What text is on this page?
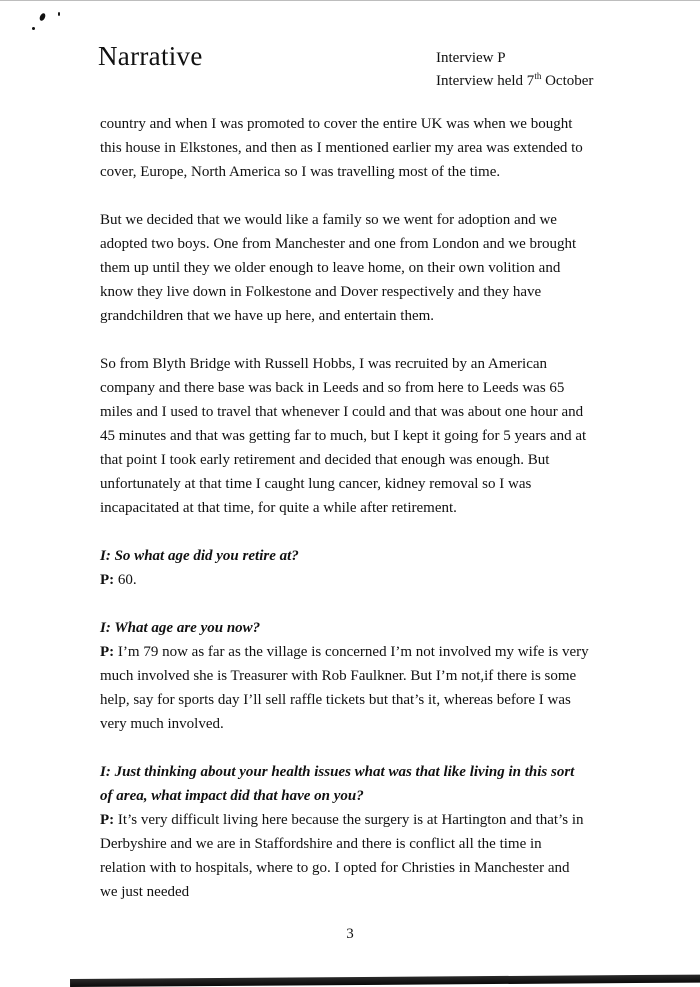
Narrative	Interview P
Interview held 7th October

country and when I was promoted to cover the entire UK was when we bought this house in Elkstones, and then as I mentioned earlier my area was extended to cover, Europe, North America so I was travelling most of the time.

But we decided that we would like a family so we went for adoption and we adopted two boys. One from Manchester and one from London and we brought them up until they we older enough to leave home, on their own volition and know they live down in Folkestone and Dover respectively and they have grandchildren that we have up here, and entertain them.

So from Blyth Bridge with Russell Hobbs, I was recruited by an American company and there base was back in Leeds and so from here to Leeds was 65 miles and I used to travel that whenever I could and that was about one hour and 45 minutes and that was getting far to much, but I kept it going for 5 years and at that point I took early retirement and decided that enough was enough. But unfortunately at that time I caught lung cancer, kidney removal so I was incapacitated at that time, for quite a while after retirement.

I: So what age did you retire at?
P: 60.
I: What age are you now?
P: I’m 79 now as far as the village is concerned I’m not involved my wife is very much involved she is Treasurer with Rob Faulkner. But I’m not,if there is some help, say for sports day I’ll sell raffle tickets but that’s it, whereas before I was very much involved.
I: Just thinking about your health issues what was that like living in this sort of area, what impact did that have on you?
P: It’s very difficult living here because the surgery is at Hartington and that’s in Derbyshire and we are in Staffordshire and there is conflict all the time in relation with to hospitals, where to go. I opted for Christies in Manchester and we just needed
3
